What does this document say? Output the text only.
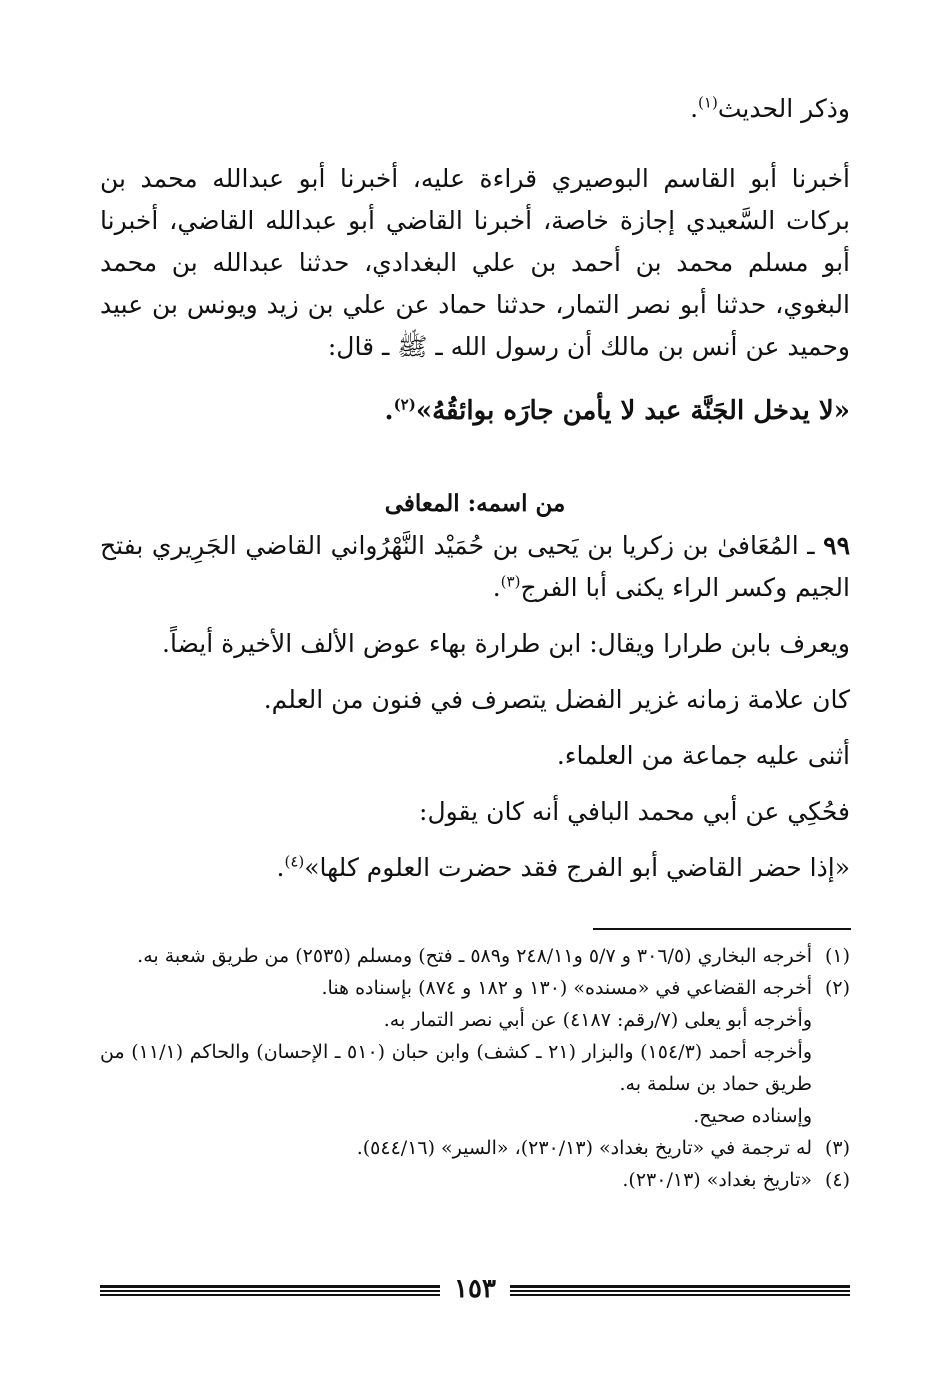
وذكر الحديث$^{(١)}$.

أخبرنا أبو القاسم البوصيري قراءة عليه، أخبرنا أبو عبدالله محمد بن بركات السَّعيدي إجازة خاصة، أخبرنا القاضي أبو عبدالله القاضي، أخبرنا أبو مسلم محمد بن أحمد بن علي البغدادي، حدثنا عبدالله بن محمد البغوي، حدثنا أبو نصر التمار، حدثنا حماد عن علي بن زيد ويونس بن عبيد وحميد عن أنس بن مالك أن رسول الله ـ ﷺ ـ قال:

«لا يدخل الجَنَّة عبد لا يأمن جارَه بوائقُهُ»$^{(٢)}$.

من اسمه: المعافى

٩٩ ـ المُعَافىٰ بن زكريا بن يَحيى بن حُمَيْد النَّهْرُواني القاضي الجَرِيري بفتح الجيم وكسر الراء يكنى أبا الفرج$^{(٣)}$.

ويعرف بابن طرارا ويقال: ابن طرارة بهاء عوض الألف الأخيرة أيضاً.

كان علامة زمانه غزير الفضل يتصرف في فنون من العلم.

أثنى عليه جماعة من العلماء.

فحُكِي عن أبي محمد البافي أنه كان يقول:

«إذا حضر القاضي أبو الفرج فقد حضرت العلوم كلها»$^{(٤)}$.

(١)
أخرجه البخاري (٣٠٦/٥ و ٥/٧ و٢٤٨/١١ و٥٨٩ ـ فتح) ومسلم (٢٥٣٥) من طريق شعبة به.
(٢)
أخرجه القضاعي في «مسنده» (١٣٠ و ١٨٢ و ٨٧٤) بإسناده هنا.
وأخرجه أبو يعلى (٧/رقم: ٤١٨٧) عن أبي نصر التمار به.
وأخرجه أحمد (١٥٤/٣) والبزار (٢١ ـ كشف) وابن حبان (٥١٠ ـ الإحسان) والحاكم (١١/١) من طريق حماد بن سلمة به.
وإسناده صحيح.
(٣)
له ترجمة في «تاريخ بغداد» (٢٣٠/١٣)، «السير» (٥٤٤/١٦).
(٤)
«تاريخ بغداد» (٢٣٠/١٣).
١٥٣
